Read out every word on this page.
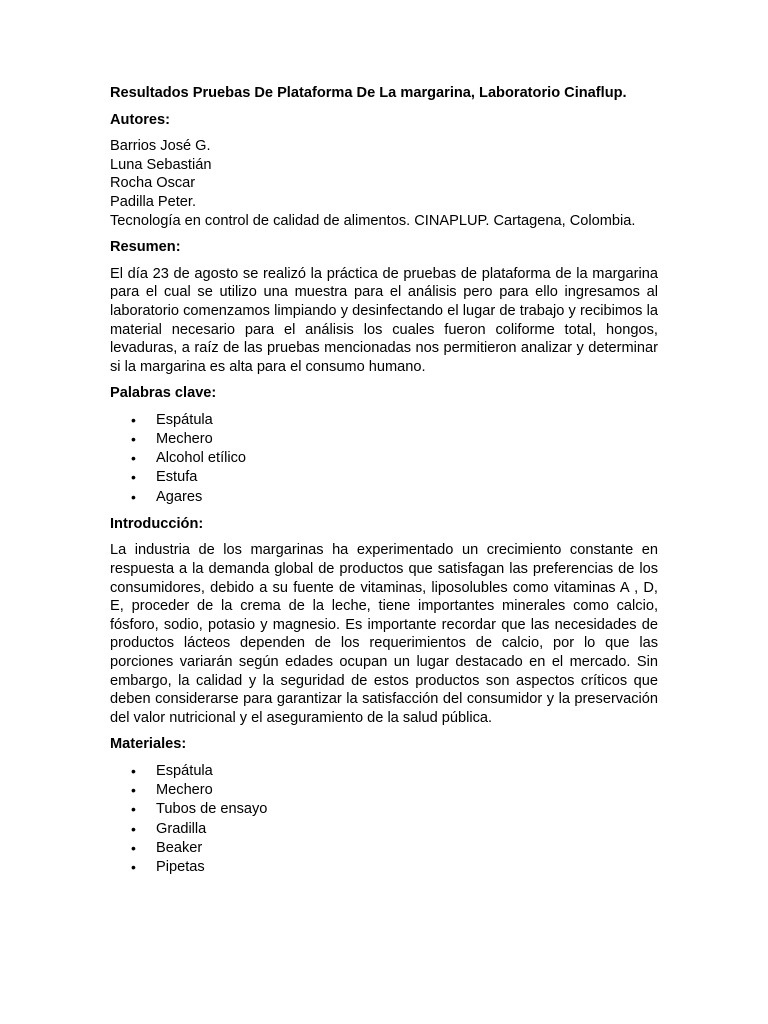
Resultados Pruebas De Plataforma De La margarina, Laboratorio Cinaflup.
Autores:
Barrios José G.
Luna Sebastián
Rocha Oscar
Padilla Peter.
Tecnología en control de calidad de alimentos. CINAPLUP. Cartagena, Colombia.
Resumen:
El día 23 de agosto se realizó la práctica de pruebas de plataforma de la margarina para el cual se utilizo una muestra para el análisis pero para ello ingresamos al laboratorio comenzamos limpiando y desinfectando el lugar de trabajo y recibimos la material necesario para el análisis los cuales fueron coliforme total, hongos, levaduras, a raíz de las pruebas mencionadas nos permitieron analizar y determinar si la margarina es alta para el consumo humano.
Palabras clave:
• Espátula
• Mechero
• Alcohol etílico
• Estufa
• Agares
Introducción:
La industria de los margarinas ha experimentado un crecimiento constante en respuesta a la demanda global de productos que satisfagan las preferencias de los consumidores, debido a su fuente de vitaminas, liposolubles como vitaminas A , D, E, proceder de la crema de la leche, tiene importantes minerales como calcio, fósforo, sodio, potasio y magnesio. Es importante recordar que las necesidades de productos lácteos dependen de los requerimientos de calcio, por lo que las porciones variarán según edades ocupan un lugar destacado en el mercado. Sin embargo, la calidad y la seguridad de estos productos son aspectos críticos que deben considerarse para garantizar la satisfacción del consumidor y la preservación del valor nutricional y el aseguramiento de la salud pública.
Materiales:
• Espátula
• Mechero
• Tubos de ensayo
• Gradilla
• Beaker
• Pipetas
